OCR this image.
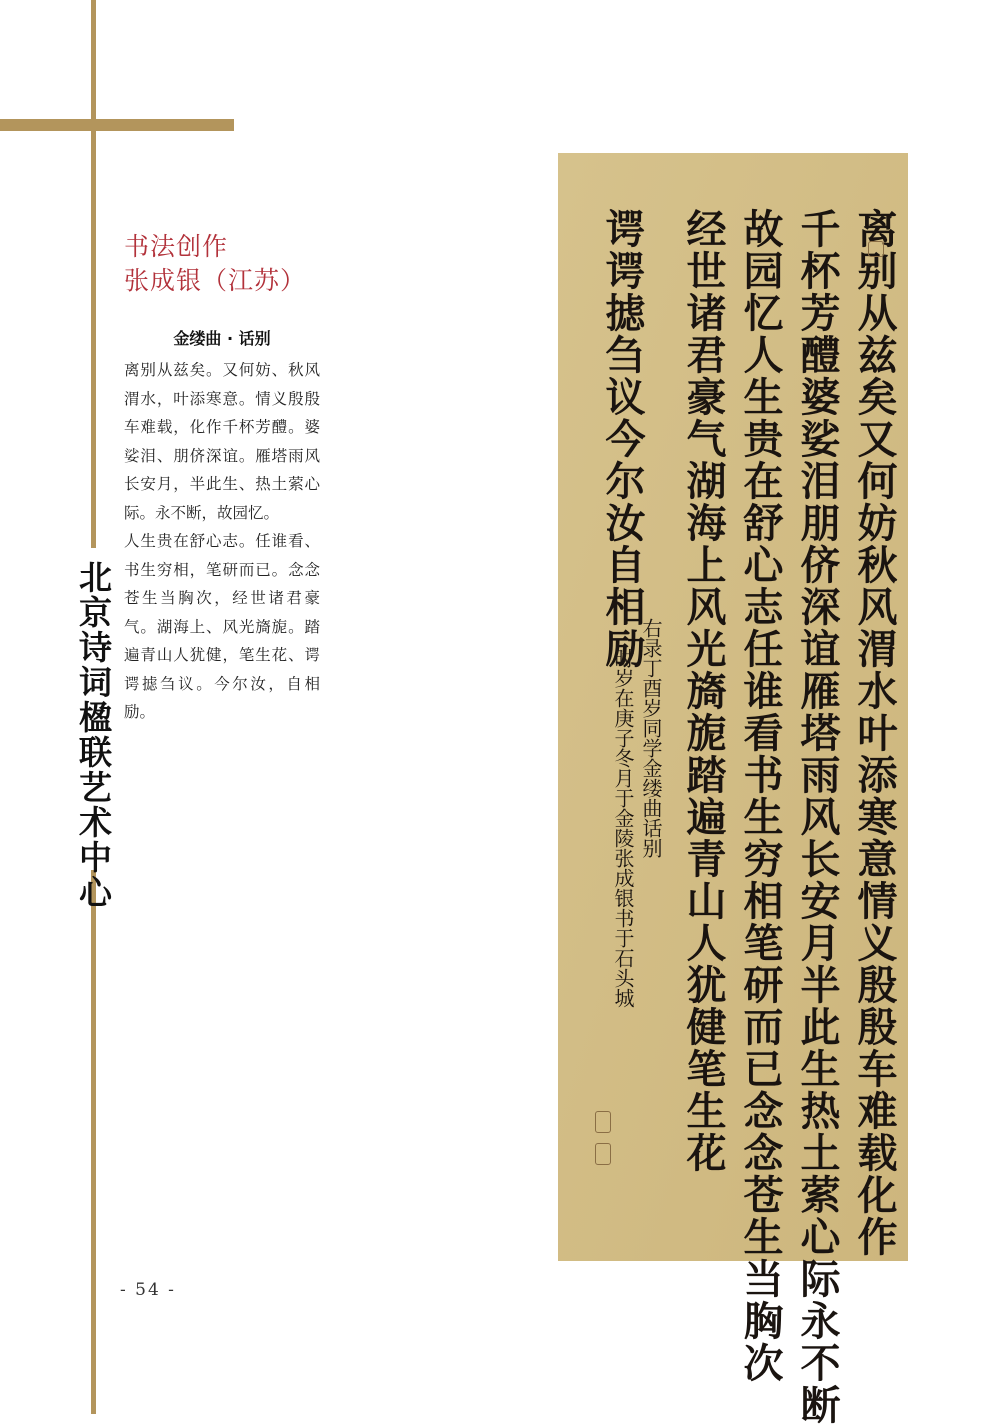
北京诗词楹联艺术中心
书法创作
张成银（江苏）
金缕曲 · 话别

离别从兹矣。又何妨、秋风渭水，叶添寒意。情义殷殷车难载，化作千杯芳醴。婆娑泪、朋侪深谊。雁塔雨风长安月，半此生、热土萦心际。永不断，故园忆。

人生贵在舒心志。任谁看、书生穷相，笔研而已。念念苍生当胸次，经世诸君豪气。湖海上、风光旖旎。踏遍青山人犹健，笔生花、谔谔摅刍议。今尔汝，自相励。

- 54 -
离别从兹矣又何妨秋风渭水叶添寒意情义殷殷车难载化作
千杯芳醴婆娑泪朋侪深谊雁塔雨风长安月半此生热土萦心际永不断
故园忆人生贵在舒心志任谁看书生穷相笔研而已念念苍生当胸次
经世诸君豪气湖海上风光旖旎踏遍青山人犹健笔生花
谔谔摅刍议今尔汝自相励
右录丁酉岁同学金缕曲话别
时岁在庚子冬月于金陵张成银书于石头城
